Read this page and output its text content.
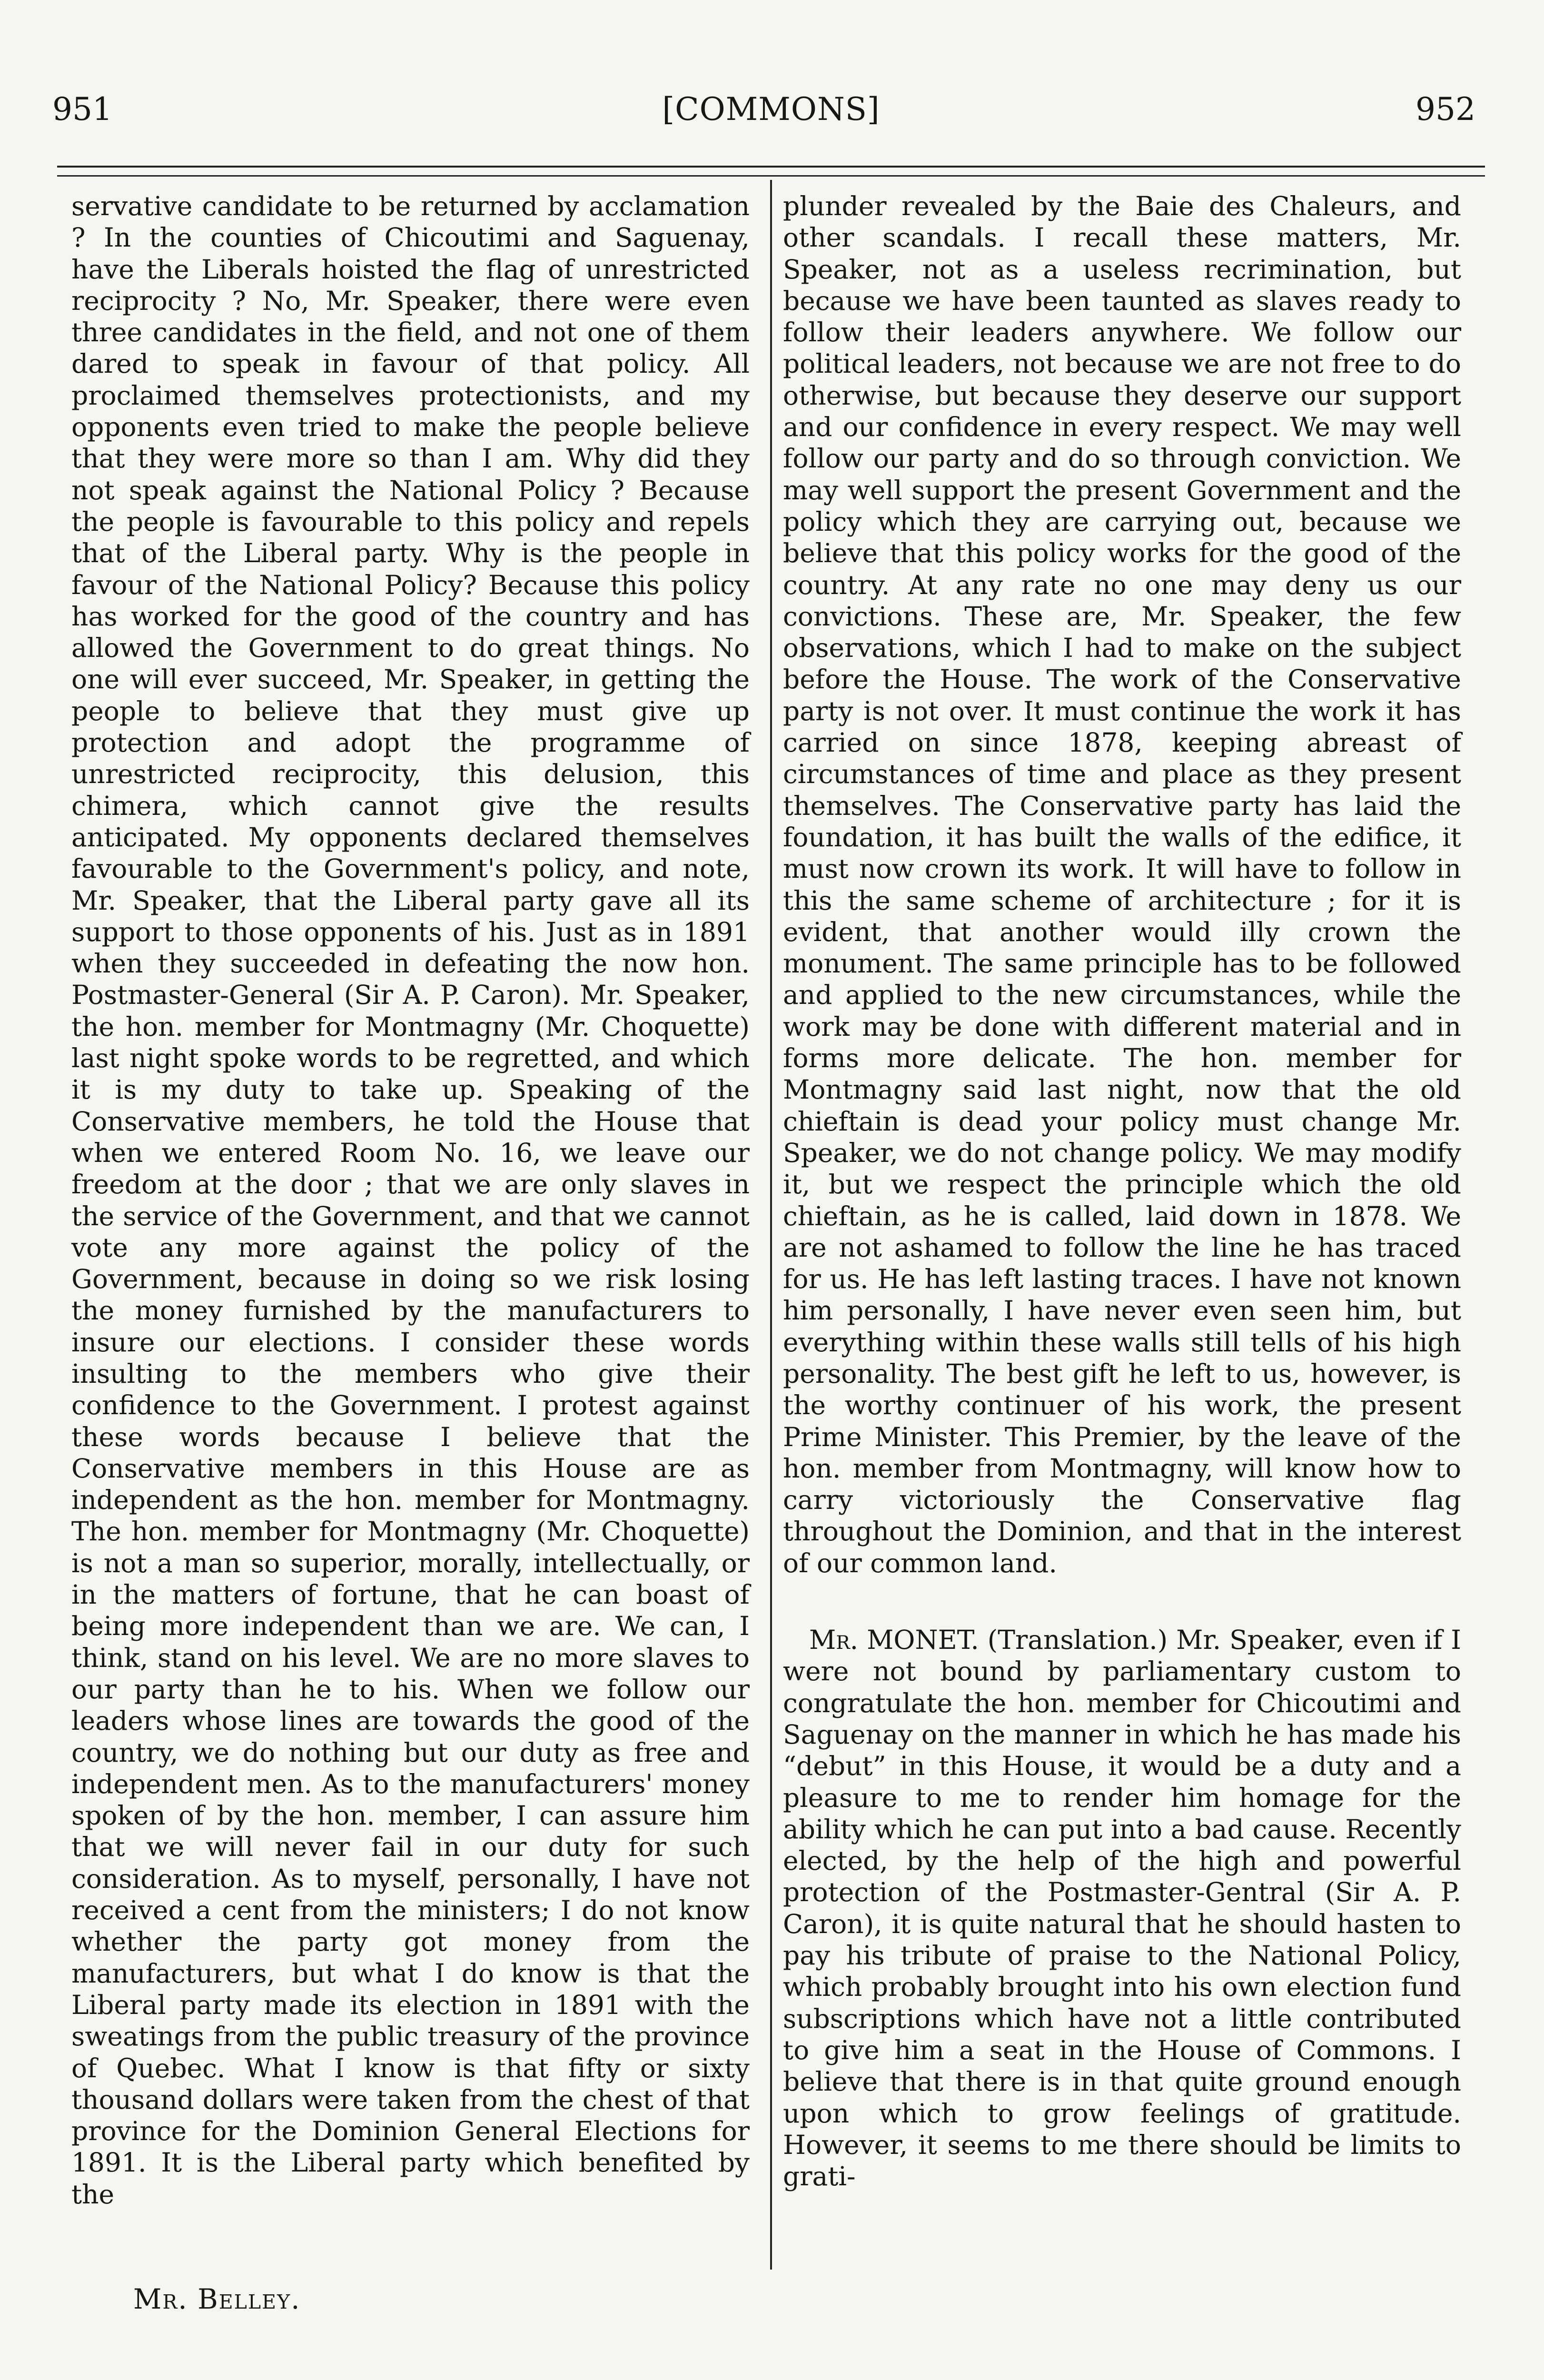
951	[COMMONS]	952

servative candidate to be returned by acclamation ? In the counties of Chicoutimi and Saguenay, have the Liberals hoisted the flag of unrestricted reciprocity ? No, Mr. Speaker, there were even three candidates in the field, and not one of them dared to speak in favour of that policy. All proclaimed themselves protectionists, and my opponents even tried to make the people believe that they were more so than I am. Why did they not speak against the National Policy ? Because the people is favourable to this policy and repels that of the Liberal party. Why is the people in favour of the National Policy? Because this policy has worked for the good of the country and has allowed the Government to do great things. No one will ever succeed, Mr. Speaker, in getting the people to believe that they must give up protection and adopt the programme of unrestricted reciprocity, this delusion, this chimera, which cannot give the results anticipated. My opponents declared themselves favourable to the Government's policy, and note, Mr. Speaker, that the Liberal party gave all its support to those opponents of his. Just as in 1891 when they succeeded in defeating the now hon. Postmaster-General (Sir A. P. Caron). Mr. Speaker, the hon. member for Montmagny (Mr. Choquette) last night spoke words to be regretted, and which it is my duty to take up. Speaking of the Conservative members, he told the House that when we entered Room No. 16, we leave our freedom at the door ; that we are only slaves in the service of the Government, and that we cannot vote any more against the policy of the Government, because in doing so we risk losing the money furnished by the manufacturers to insure our elections. I consider these words insulting to the members who give their confidence to the Government. I protest against these words because I believe that the Conservative members in this House are as independent as the hon. member for Montmagny. The hon. member for Montmagny (Mr. Choquette) is not a man so superior, morally, intellectually, or in the matters of fortune, that he can boast of being more independent than we are. We can, I think, stand on his level. We are no more slaves to our party than he to his. When we follow our leaders whose lines are towards the good of the country, we do nothing but our duty as free and independent men. As to the manufacturers' money spoken of by the hon. member, I can assure him that we will never fail in our duty for such consideration. As to myself, personally, I have not received a cent from the ministers; I do not know whether the party got money from the manufacturers, but what I do know is that the Liberal party made its election in 1891 with the sweatings from the public treasury of the province of Quebec. What I know is that fifty or sixty thousand dollars were taken from the chest of that province for the Dominion General Elections for 1891. It is the Liberal party which benefited by the

plunder revealed by the Baie des Chaleurs, and other scandals. I recall these matters, Mr. Speaker, not as a useless recrimination, but because we have been taunted as slaves ready to follow their leaders anywhere. We follow our political leaders, not because we are not free to do otherwise, but because they deserve our support and our confidence in every respect. We may well follow our party and do so through conviction. We may well support the present Government and the policy which they are carrying out, because we believe that this policy works for the good of the country. At any rate no one may deny us our convictions. These are, Mr. Speaker, the few observations, which I had to make on the subject before the House. The work of the Conservative party is not over. It must continue the work it has carried on since 1878, keeping abreast of circumstances of time and place as they present themselves. The Conservative party has laid the foundation, it has built the walls of the edifice, it must now crown its work. It will have to follow in this the same scheme of architecture ; for it is evident, that another would illy crown the monument. The same principle has to be followed and applied to the new circumstances, while the work may be done with different material and in forms more delicate. The hon. member for Montmagny said last night, now that the old chieftain is dead your policy must change Mr. Speaker, we do not change policy. We may modify it, but we respect the principle which the old chieftain, as he is called, laid down in 1878. We are not ashamed to follow the line he has traced for us. He has left lasting traces. I have not known him personally, I have never even seen him, but everything within these walls still tells of his high personality. The best gift he left to us, however, is the worthy continuer of his work, the present Prime Minister. This Premier, by the leave of the hon. member from Montmagny, will know how to carry victoriously the Conservative flag throughout the Dominion, and that in the interest of our common land.

Mr. MONET. (Translation.) Mr. Speaker, even if I were not bound by parliamentary custom to congratulate the hon. member for Chicoutimi and Saguenay on the manner in which he has made his “debut” in this House, it would be a duty and a pleasure to me to render him homage for the ability which he can put into a bad cause. Recently elected, by the help of the high and powerful protection of the Postmaster-Gentral (Sir A. P. Caron), it is quite natural that he should hasten to pay his tribute of praise to the National Policy, which probably brought into his own election fund subscriptions which have not a little contributed to give him a seat in the House of Commons. I believe that there is in that quite ground enough upon which to grow feelings of gratitude. However, it seems to me there should be limits to grati-

Mr. Belley.
